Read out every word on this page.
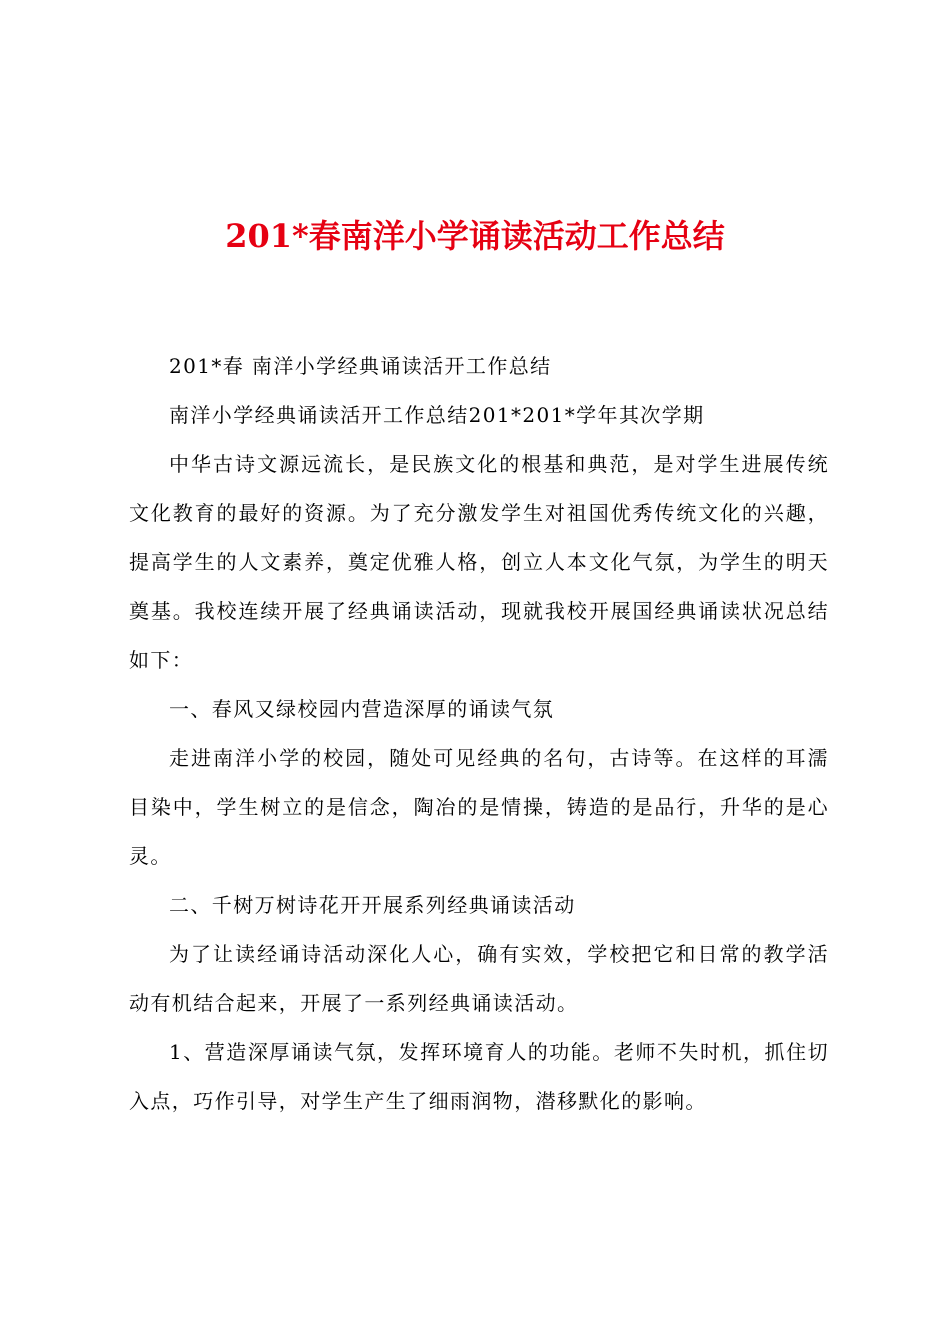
201*春南洋小学诵读活动工作总结

201*春 南洋小学经典诵读活开工作总结

南洋小学经典诵读活开工作总结201*201*学年其次学期

中华古诗文源远流长，是民族文化的根基和典范，是对学生进展传统文化教育的最好的资源。为了充分激发学生对祖国优秀传统文化的兴趣，提高学生的人文素养，奠定优雅人格，创立人本文化气氛，为学生的明天奠基。我校连续开展了经典诵读活动，现就我校开展国经典诵读状况总结如下：

一、春风又绿校园内营造深厚的诵读气氛

走进南洋小学的校园，随处可见经典的名句，古诗等。在这样的耳濡目染中，学生树立的是信念，陶冶的是情操，铸造的是品行，升华的是心灵。

二、千树万树诗花开开展系列经典诵读活动

为了让读经诵诗活动深化人心，确有实效，学校把它和日常的教学活动有机结合起来，开展了一系列经典诵读活动。

1、营造深厚诵读气氛，发挥环境育人的功能。老师不失时机，抓住切入点，巧作引导，对学生产生了细雨润物，潜移默化的影响。
